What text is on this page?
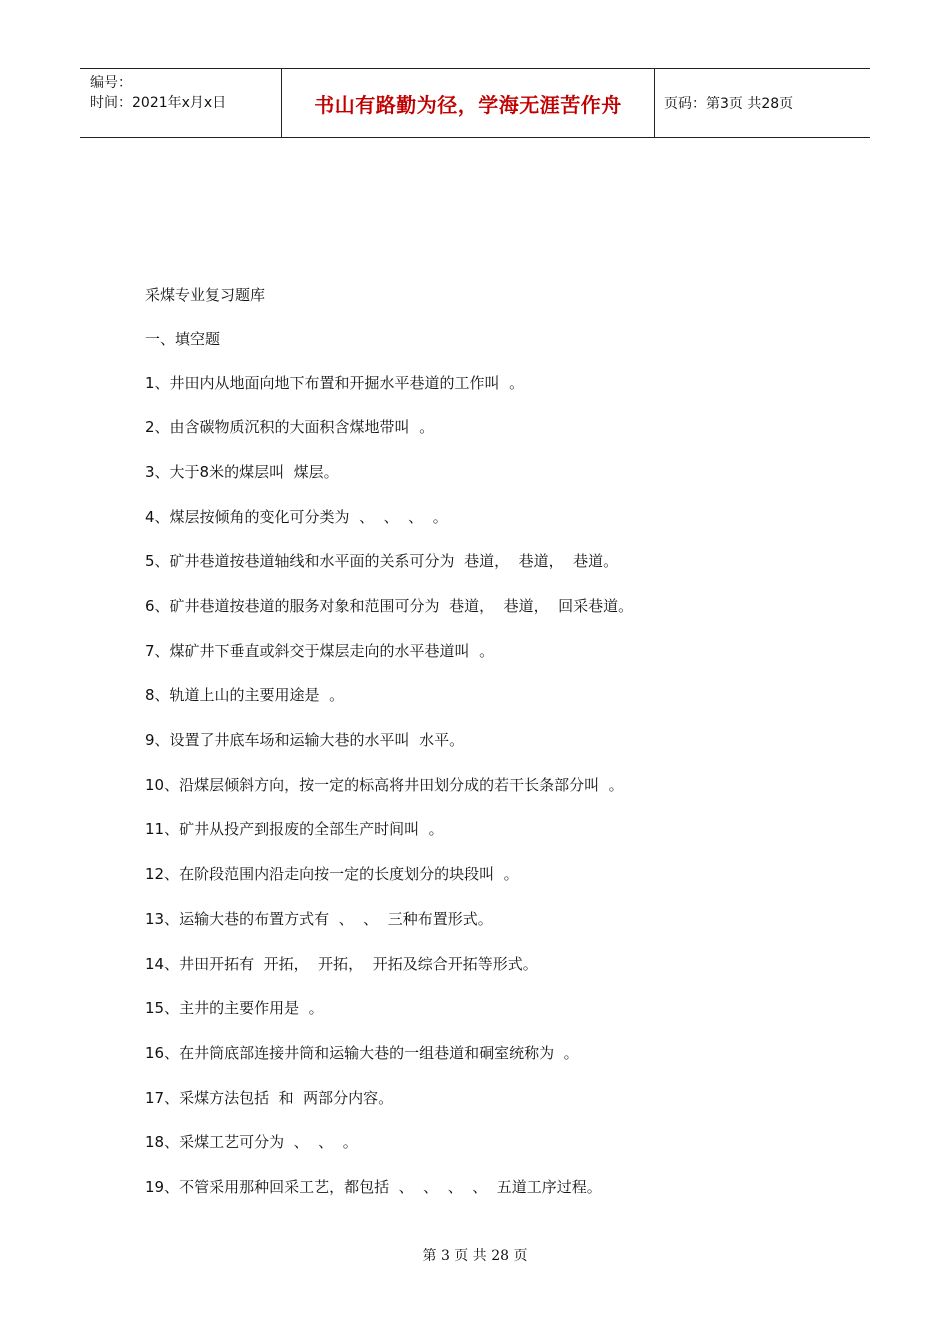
编号：
时间：2021年x月x日	书山有路勤为径，学海无涯苦作舟	页码：第3页 共28页
采煤专业复习题库
一、填空题
1、井田内从地面向地下布置和开掘水平巷道的工作叫  。
2、由含碳物质沉积的大面积含煤地带叫  。
3、大于8米的煤层叫  煤层。
4、煤层按倾角的变化可分类为  、  、  、  。
5、矿井巷道按巷道轴线和水平面的关系可分为  巷道，  巷道，  巷道。
6、矿井巷道按巷道的服务对象和范围可分为  巷道，  巷道，  回采巷道。
7、煤矿井下垂直或斜交于煤层走向的水平巷道叫  。
8、轨道上山的主要用途是  。
9、设置了井底车场和运输大巷的水平叫  水平。
10、沿煤层倾斜方向，按一定的标高将井田划分成的若干长条部分叫  。
11、矿井从投产到报废的全部生产时间叫  。
12、在阶段范围内沿走向按一定的长度划分的块段叫  。
13、运输大巷的布置方式有  、  、  三种布置形式。
14、井田开拓有  开拓，  开拓，  开拓及综合开拓等形式。
15、主井的主要作用是  。
16、在井筒底部连接井筒和运输大巷的一组巷道和硐室统称为  。
17、采煤方法包括  和  两部分内容。
18、采煤工艺可分为  、  、  。
19、不管采用那种回采工艺，都包括  、  、  、  、  五道工序过程。
第 3 页 共 28 页
